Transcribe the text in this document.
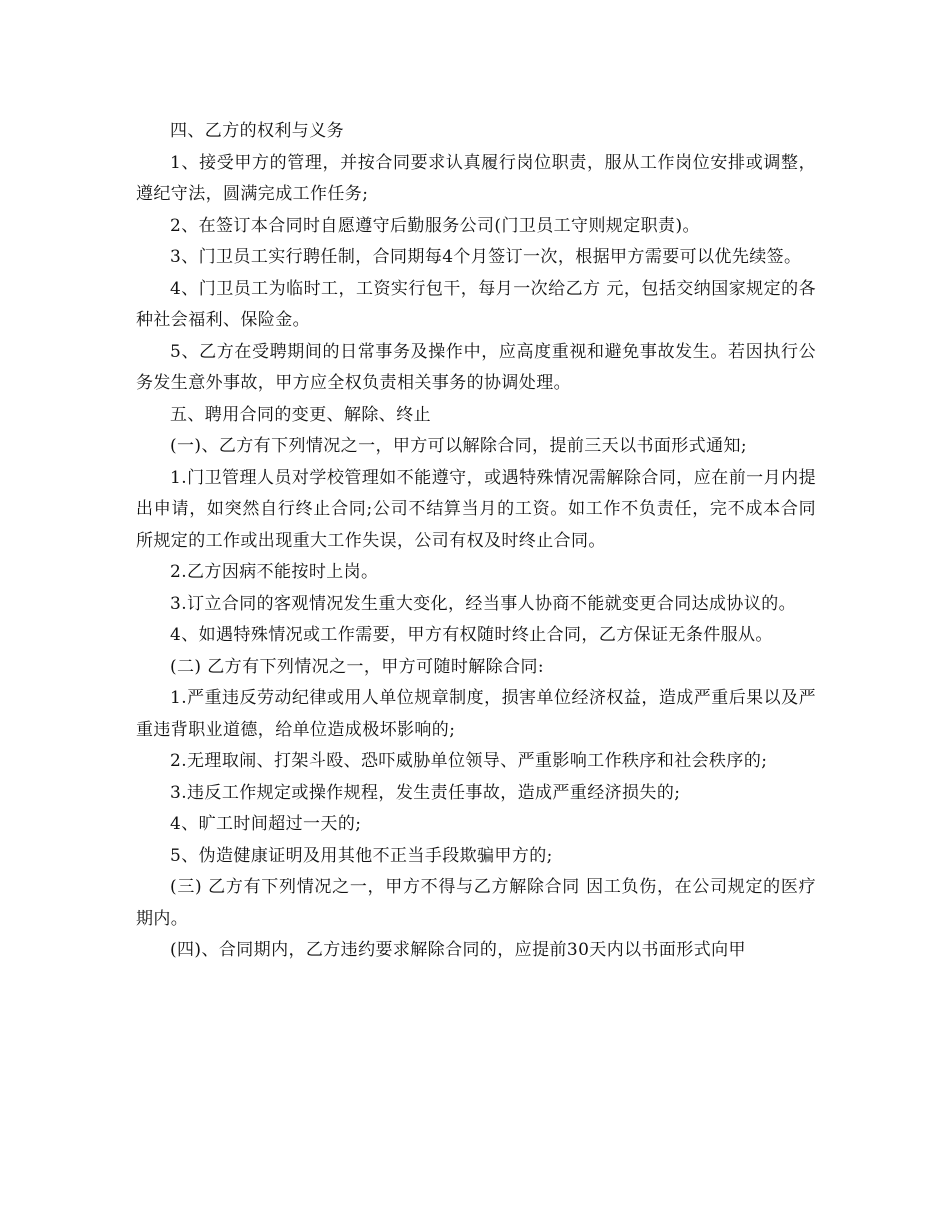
四、乙方的权利与义务

1、接受甲方的管理，并按合同要求认真履行岗位职责，服从工作岗位安排或调整，遵纪守法，圆满完成工作任务;

2、在签订本合同时自愿遵守后勤服务公司(门卫员工守则规定职责)。

3、门卫员工实行聘任制，合同期每4个月签订一次，根据甲方需要可以优先续签。

4、门卫员工为临时工，工资实行包干，每月一次给乙方 元，包括交纳国家规定的各种社会福利、保险金。

5、乙方在受聘期间的日常事务及操作中，应高度重视和避免事故发生。若因执行公务发生意外事故，甲方应全权负责相关事务的协调处理。

五、聘用合同的变更、解除、终止

(一)、乙方有下列情况之一，甲方可以解除合同，提前三天以书面形式通知;

1.门卫管理人员对学校管理如不能遵守，或遇特殊情况需解除合同，应在前一月内提出申请，如突然自行终止合同;公司不结算当月的工资。如工作不负责任，完不成本合同所规定的工作或出现重大工作失误，公司有权及时终止合同。

2.乙方因病不能按时上岗。

3.订立合同的客观情况发生重大变化，经当事人协商不能就变更合同达成协议的。

4、如遇特殊情况或工作需要，甲方有权随时终止合同，乙方保证无条件服从。

(二) 乙方有下列情况之一，甲方可随时解除合同:

1.严重违反劳动纪律或用人单位规章制度，损害单位经济权益，造成严重后果以及严重违背职业道德，给单位造成极坏影响的;

2.无理取闹、打架斗殴、恐吓威胁单位领导、严重影响工作秩序和社会秩序的;

3.违反工作规定或操作规程，发生责任事故，造成严重经济损失的;

4、旷工时间超过一天的;

5、伪造健康证明及用其他不正当手段欺骗甲方的;

(三) 乙方有下列情况之一，甲方不得与乙方解除合同 因工负伤，在公司规定的医疗期内。

(四)、合同期内，乙方违约要求解除合同的，应提前30天内以书面形式向甲
